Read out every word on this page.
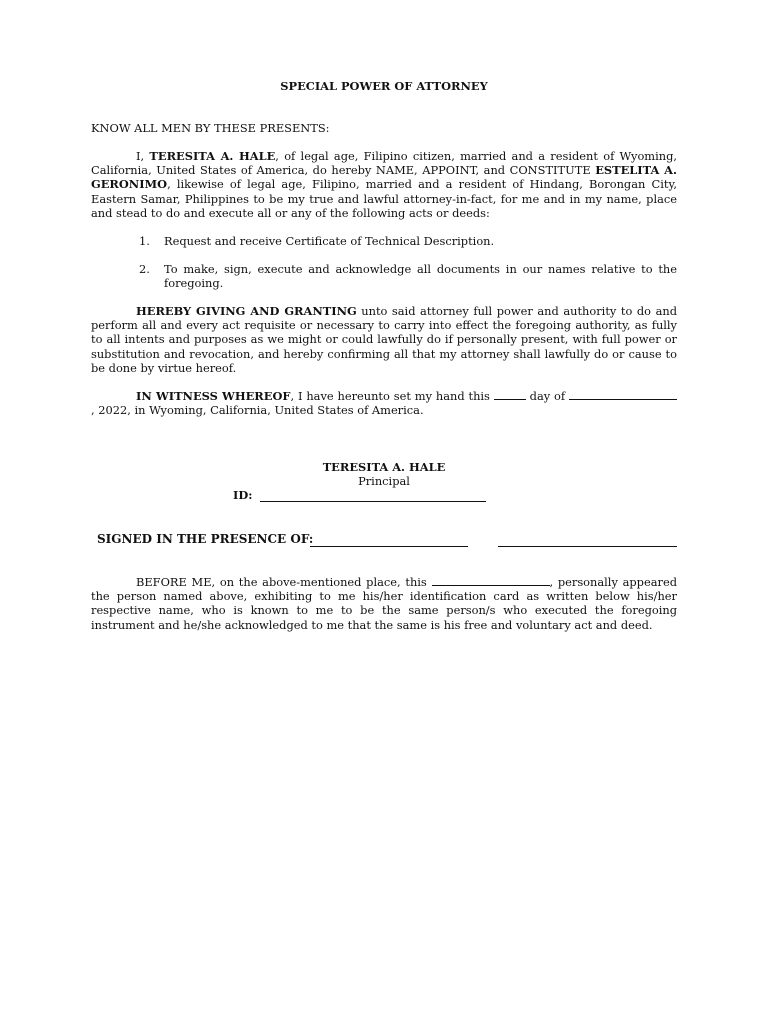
SPECIAL POWER OF ATTORNEY
KNOW ALL MEN BY THESE PRESENTS:
I, TERESITA A. HALE, of legal age, Filipino citizen, married and a resident of Wyoming, California, United States of America, do hereby NAME, APPOINT, and CONSTITUTE ESTELITA A. GERONIMO, likewise of legal age, Filipino, married and a resident of Hindang, Borongan City, Eastern Samar, Philippines to be my true and lawful attorney-in-fact, for me and in my name, place and stead to do and execute all or any of the following acts or deeds:
1.	Request and receive Certificate of Technical Description.
2.	To make, sign, execute and acknowledge all documents in our names relative to the foregoing.
HEREBY GIVING AND GRANTING unto said attorney full power and authority to do and perform all and every act requisite or necessary to carry into effect the foregoing authority, as fully to all intents and purposes as we might or could lawfully do if personally present, with full power or substitution and revocation, and hereby confirming all that my attorney shall lawfully do or cause to be done by virtue hereof.
IN WITNESS WHEREOF, I have hereunto set my hand this	day of , 2022, in Wyoming, California, United States of America.
TERESITA A. HALE
Principal
ID:
SIGNED IN THE PRESENCE OF:
BEFORE ME, on the above-mentioned place, this	, personally appeared the person named above, exhibiting to me his/her identification card as written below his/her respective name, who is known to me to be the same person/s who executed the foregoing instrument and he/she acknowledged to me that the same is his free and voluntary act and deed.
